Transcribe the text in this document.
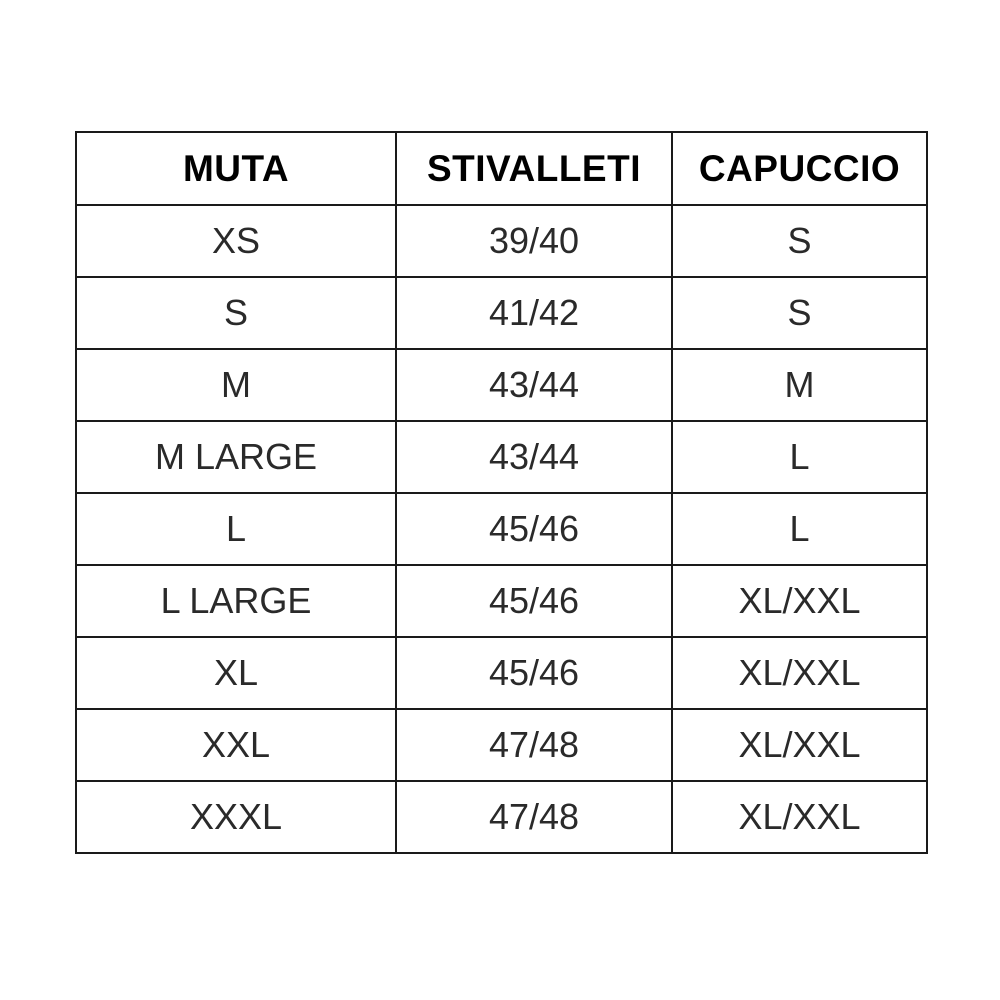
MUTA	STIVALLETI	CAPUCCIO
XS	39/40	S
S	41/42	S
M	43/44	M
M LARGE	43/44	L
L	45/46	L
L LARGE	45/46	XL/XXL
XL	45/46	XL/XXL
XXL	47/48	XL/XXL
XXXL	47/48	XL/XXL
